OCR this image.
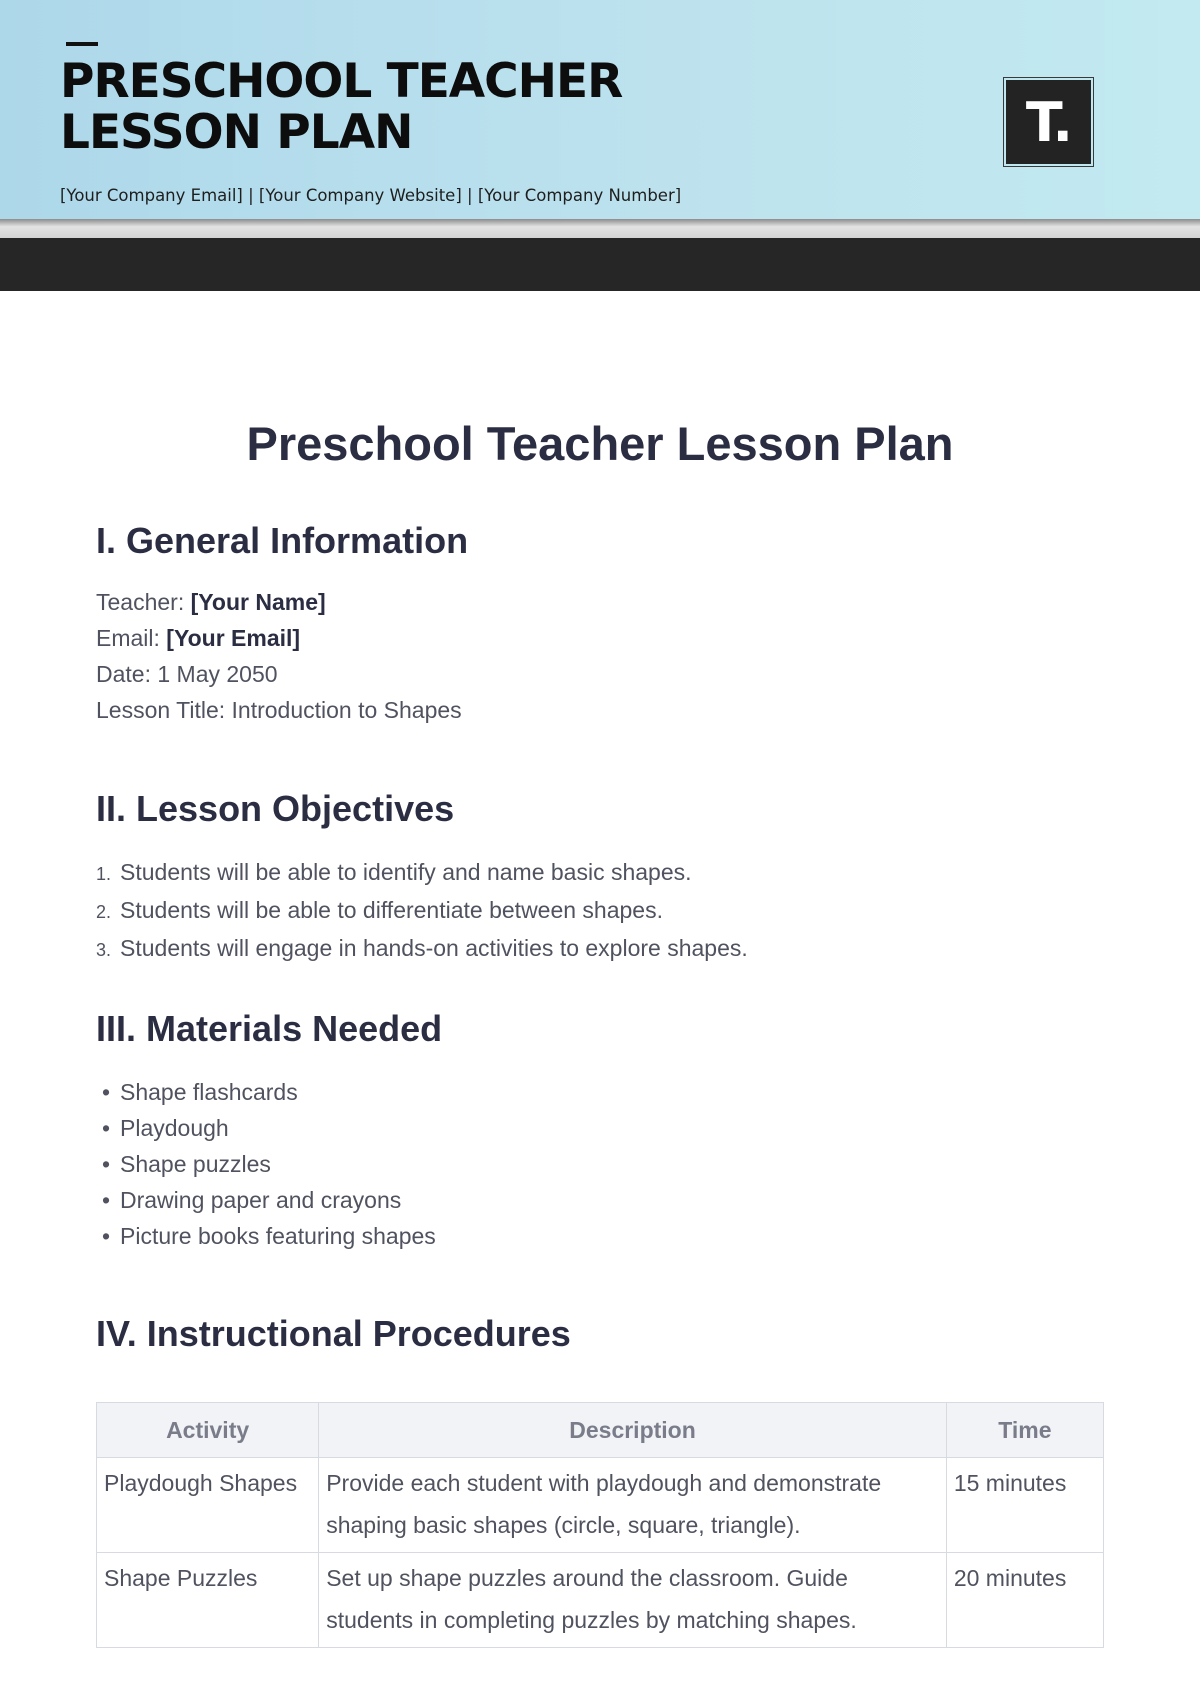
PRESCHOOL TEACHER
LESSON PLAN
[Your Company Email] | [Your Company Website] | [Your Company Number]
T.
Preschool Teacher Lesson Plan
I. General Information
Teacher: [Your Name]
Email: [Your Email]
Date: 1 May 2050
Lesson Title: Introduction to Shapes
II. Lesson Objectives
1. Students will be able to identify and name basic shapes.
2. Students will be able to differentiate between shapes.
3. Students will engage in hands-on activities to explore shapes.
III. Materials Needed
• Shape flashcards
• Playdough
• Shape puzzles
• Drawing paper and crayons
• Picture books featuring shapes
IV. Instructional Procedures
Activity	Description	Time
Playdough Shapes	Provide each student with playdough and demonstrate shaping basic shapes (circle, square, triangle).	15 minutes
Shape Puzzles	Set up shape puzzles around the classroom. Guide students in completing puzzles by matching shapes.	20 minutes
